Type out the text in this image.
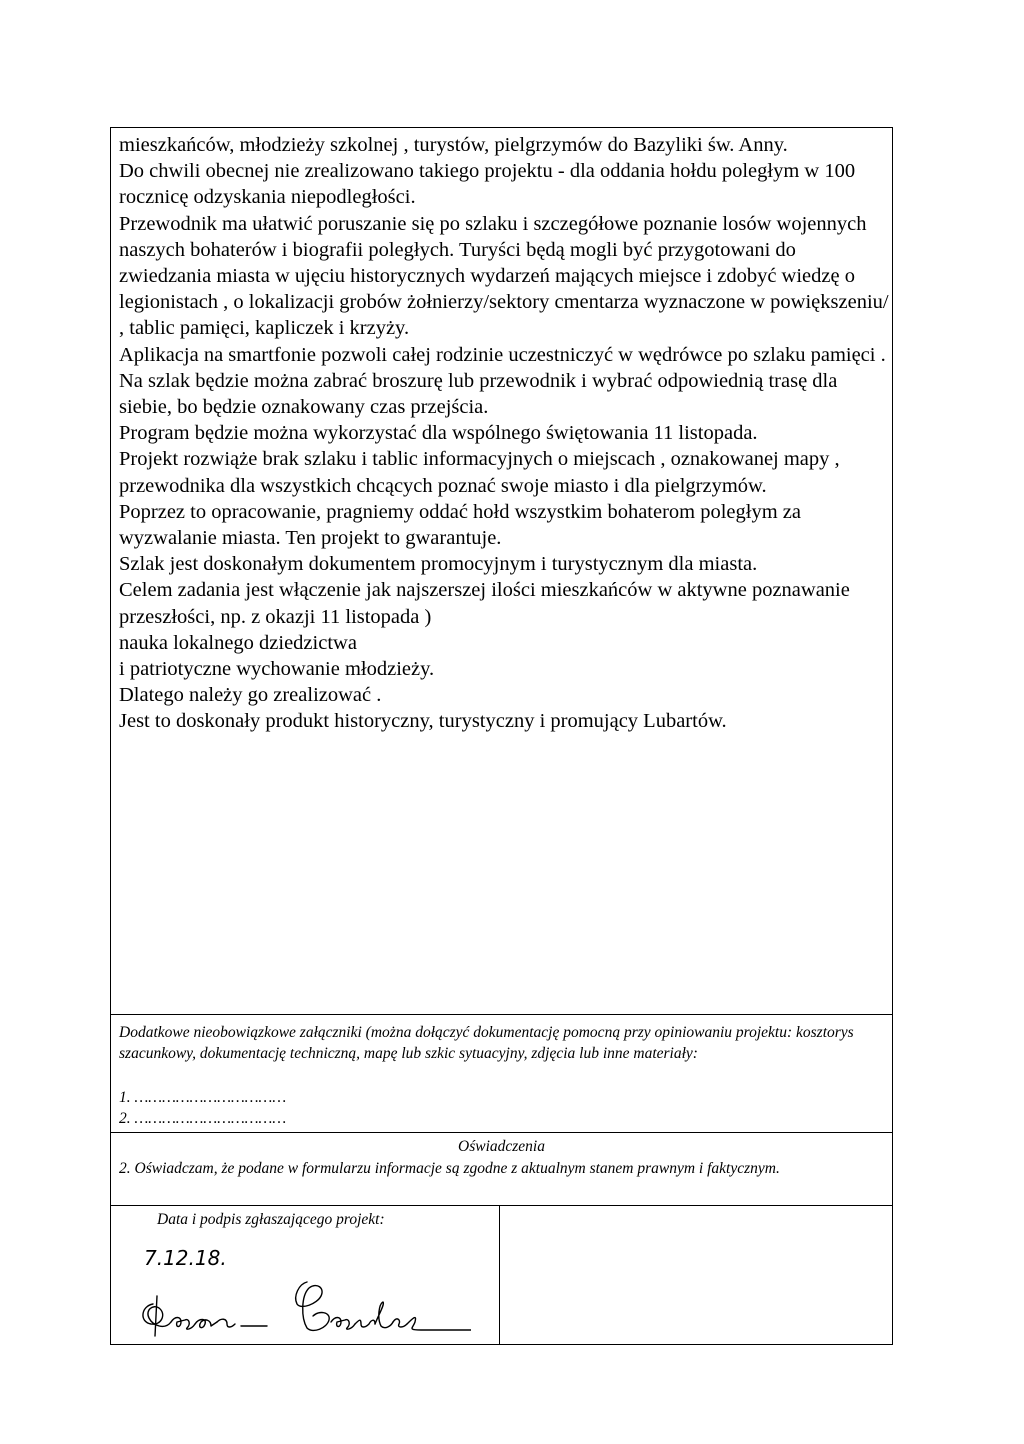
mieszkańców, młodzieży szkolnej , turystów, pielgrzymów do Bazyliki św. Anny.

Do chwili obecnej nie zrealizowano takiego projektu - dla oddania hołdu poległym w 100 rocznicę odzyskania niepodległości.

Przewodnik ma ułatwić poruszanie się po szlaku i szczegółowe poznanie losów wojennych naszych bohaterów i biografii poległych. Turyści będą mogli być przygotowani do zwiedzania miasta w ujęciu historycznych wydarzeń mających miejsce i zdobyć wiedzę o legionistach , o lokalizacji grobów żołnierzy/sektory cmentarza wyznaczone w powiększeniu/ , tablic pamięci, kapliczek i krzyży.

Aplikacja na smartfonie pozwoli całej rodzinie uczestniczyć w wędrówce po szlaku pamięci . Na szlak będzie można zabrać broszurę lub przewodnik i wybrać odpowiednią trasę dla siebie, bo będzie oznakowany czas przejścia.

Program będzie można wykorzystać dla wspólnego świętowania 11 listopada.

Projekt rozwiąże brak szlaku i tablic informacyjnych o miejscach , oznakowanej mapy , przewodnika dla wszystkich chcących poznać swoje miasto i dla pielgrzymów.

Poprzez to opracowanie, pragniemy oddać hołd wszystkim bohaterom poległym za wyzwalanie miasta. Ten projekt to gwarantuje.

Szlak jest doskonałym dokumentem promocyjnym i turystycznym dla miasta.

Celem zadania jest włączenie jak najszerszej ilości mieszkańców w aktywne poznawanie przeszłości, np. z okazji 11 listopada )

nauka lokalnego dziedzictwa

i patriotyczne wychowanie młodzieży.

Dlatego należy go zrealizować .

Jest to doskonały produkt historyczny, turystyczny i promujący Lubartów.

Dodatkowe nieobowiązkowe załączniki (można dołączyć dokumentację pomocną przy opiniowaniu projektu: kosztorys szacunkowy, dokumentację techniczną, mapę lub szkic sytuacyjny, zdjęcia lub inne materiały:
1. ……………………………
2. ……………………………
Oświadczenia
2. Oświadczam, że podane w formularzu informacje są zgodne z aktualnym stanem prawnym i faktycznym.
Data i podpis zgłaszającego projekt:
7.12.18.
